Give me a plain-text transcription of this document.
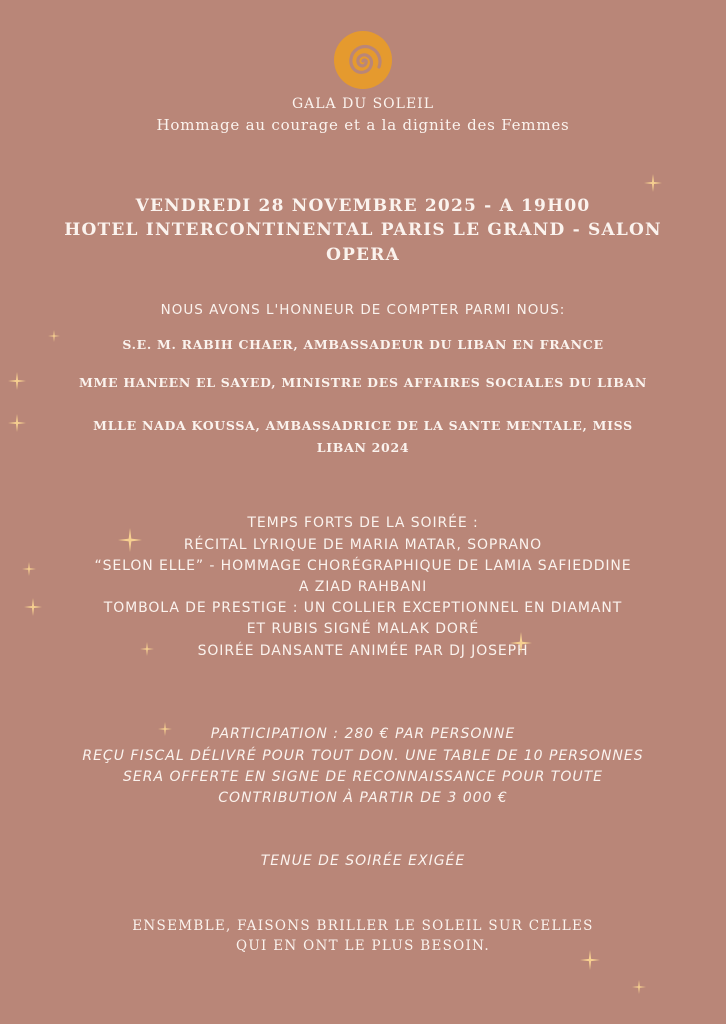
GALA DU SOLEIL
Hommage au courage et a la dignite des Femmes
VENDREDI 28 NOVEMBRE 2025 - A 19H00
HOTEL INTERCONTINENTAL PARIS LE GRAND - SALON
OPERA
NOUS AVONS L'HONNEUR DE COMPTER PARMI NOUS:
S.E. M. RABIH CHAER, AMBASSADEUR DU LIBAN EN FRANCE
MME HANEEN EL SAYED, MINISTRE DES AFFAIRES SOCIALES DU LIBAN
MLLE NADA KOUSSA, AMBASSADRICE DE LA SANTE MENTALE, MISS
LIBAN 2024
TEMPS FORTS DE LA SOIRÉE :
RÉCITAL LYRIQUE DE MARIA MATAR, SOPRANO
“SELON ELLE” - HOMMAGE CHORÉGRAPHIQUE DE LAMIA SAFIEDDINE
A ZIAD RAHBANI
TOMBOLA DE PRESTIGE : UN COLLIER EXCEPTIONNEL EN DIAMANT
ET RUBIS SIGNÉ MALAK DORÉ
SOIRÉE DANSANTE ANIMÉE PAR DJ JOSEPH
PARTICIPATION : 280 € PAR PERSONNE
REÇU FISCAL DÉLIVRÉ POUR TOUT DON. UNE TABLE DE 10 PERSONNES
SERA OFFERTE EN SIGNE DE RECONNAISSANCE POUR TOUTE
CONTRIBUTION À PARTIR DE 3 000 €
TENUE DE SOIRÉE EXIGÉE
ENSEMBLE, FAISONS BRILLER LE SOLEIL SUR CELLES
QUI EN ONT LE PLUS BESOIN.
